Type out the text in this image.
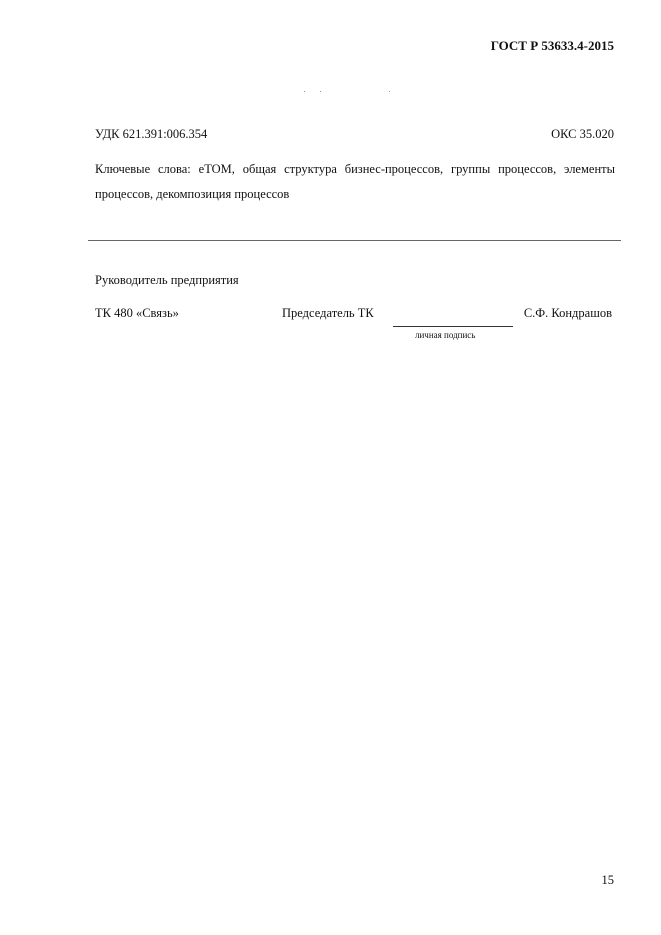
ГОСТ Р 53633.4-2015
УДК 621.391:006.354	ОКС 35.020
Ключевые слова: eTOM, общая структура бизнес-процессов, группы процессов, элементы процессов, декомпозиция процессов
Руководитель предприятия
ТК 480 «Связь»	Председатель ТК
личная подпись
С.Ф. Кондрашов
15
